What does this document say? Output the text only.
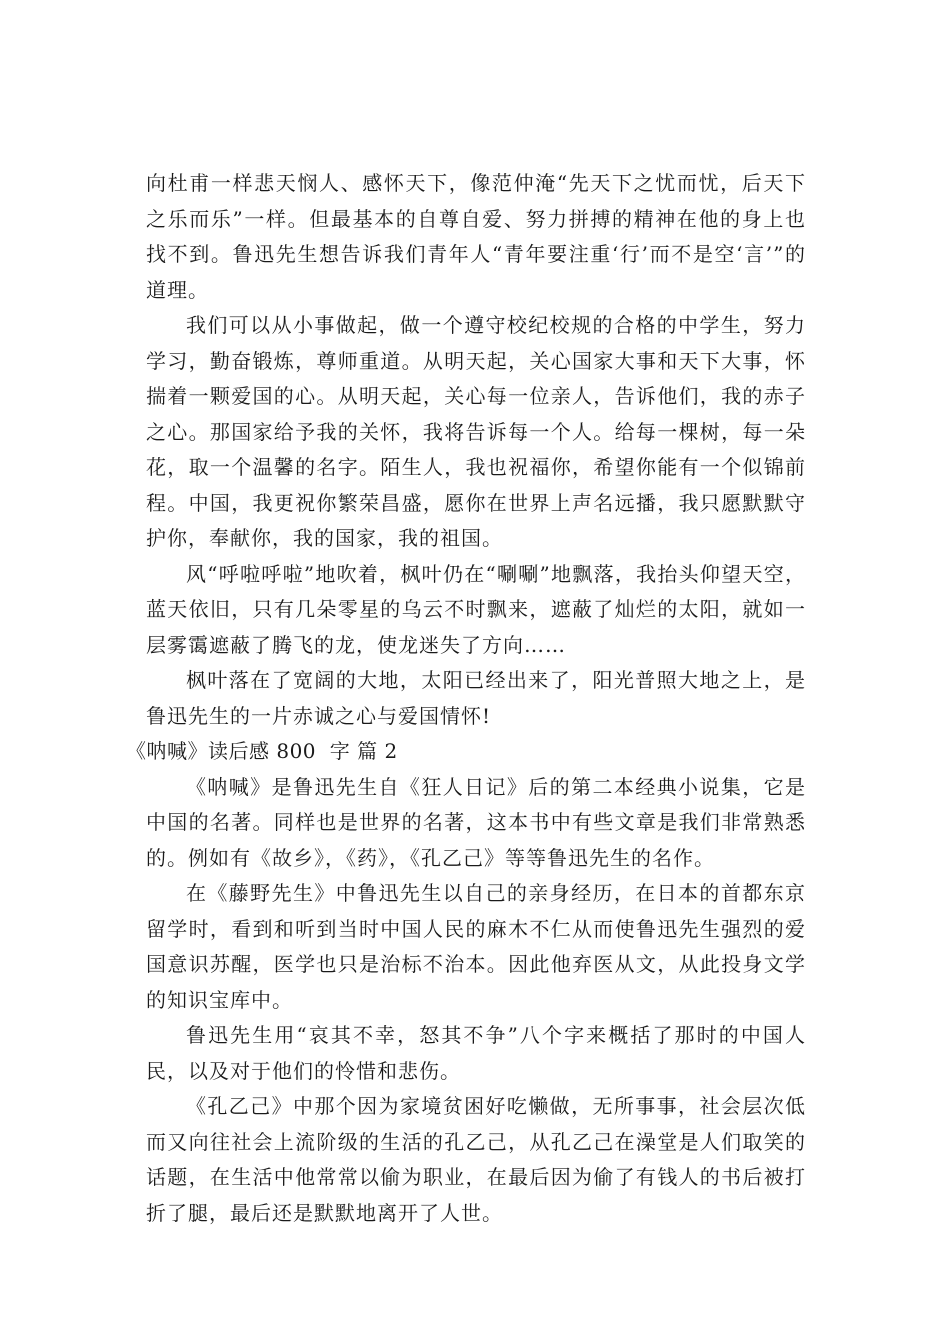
向杜甫一样悲天悯人、感怀天下，像范仲淹“先天下之忧而忧，后天下之乐而乐”一样。但最基本的自尊自爱、努力拼搏的精神在他的身上也找不到。鲁迅先生想告诉我们青年人“青年要注重‘行’而不是空‘言’”的道理。

我们可以从小事做起，做一个遵守校纪校规的合格的中学生，努力学习，勤奋锻炼，尊师重道。从明天起，关心国家大事和天下大事，怀揣着一颗爱国的心。从明天起，关心每一位亲人，告诉他们，我的赤子之心。那国家给予我的关怀，我将告诉每一个人。给每一棵树，每一朵花，取一个温馨的名字。陌生人，我也祝福你，希望你能有一个似锦前程。中国，我更祝你繁荣昌盛，愿你在世界上声名远播，我只愿默默守护你，奉献你，我的国家，我的祖国。

风“呼啦呼啦”地吹着，枫叶仍在“唰唰”地飘落，我抬头仰望天空，蓝天依旧，只有几朵零星的乌云不时飘来，遮蔽了灿烂的太阳，就如一层雾霭遮蔽了腾飞的龙，使龙迷失了方向……

枫叶落在了宽阔的大地，太阳已经出来了，阳光普照大地之上，是鲁迅先生的一片赤诚之心与爱国情怀!

《呐喊》读后感 800  字 篇 2

《呐喊》是鲁迅先生自《狂人日记》后的第二本经典小说集，它是中国的名著。同样也是世界的名著，这本书中有些文章是我们非常熟悉的。例如有《故乡》，《药》，《孔乙己》等等鲁迅先生的名作。

在《藤野先生》中鲁迅先生以自己的亲身经历，在日本的首都东京留学时，看到和听到当时中国人民的麻木不仁从而使鲁迅先生强烈的爱国意识苏醒，医学也只是治标不治本。因此他弃医从文，从此投身文学的知识宝库中。

鲁迅先生用“哀其不幸，怒其不争”八个字来概括了那时的中国人民，以及对于他们的怜惜和悲伤。

《孔乙己》中那个因为家境贫困好吃懒做，无所事事，社会层次低而又向往社会上流阶级的生活的孔乙己，从孔乙己在澡堂是人们取笑的话题，在生活中他常常以偷为职业，在最后因为偷了有钱人的书后被打折了腿，最后还是默默地离开了人世。
